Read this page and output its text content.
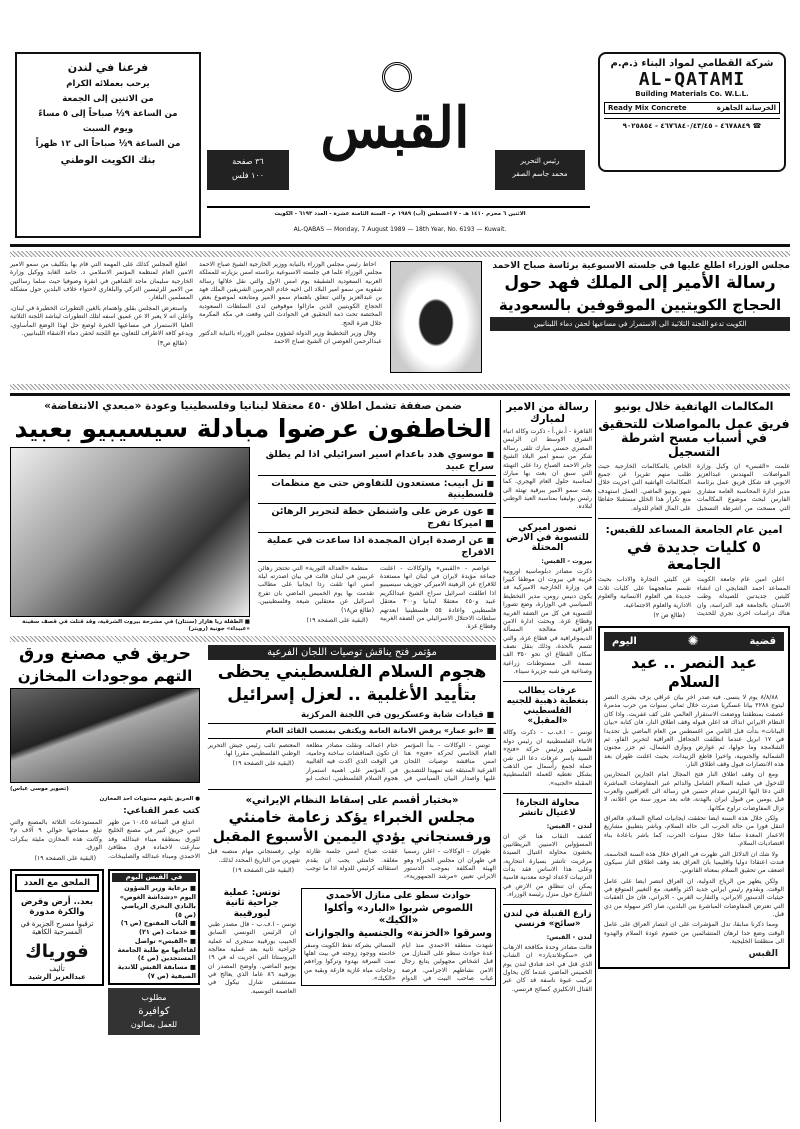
شركة القطامي لمواد البناء ذ.م.م
AL-QATAMI
Building Materials Co. W.L.L.
الخرسانة الجاهزة
Ready Mix Concrete
☎ ٤٦٧٨٨٤٩ - ٤٦٧٦٨٤٠/٤٣/٤٥ - ٩٠٢٥٨٥٤
القبس	رئيس التحرير
محمد جاسم الصقر
٣٦ صفحة
١٠٠ فلس
الاثنين ٦ محرم ١٤١٠ هـ - ٧ اغسطس (آب) ١٩٨٩ م - السنة الثامنة عشرة - العدد ٦١٩٣ - الكويت
AL-QABAS — Monday, 7 August 1989 — 18th Year, No. 6193 — Kuwait.
فرعنا في لندن
يرحب بعملائه الكرام
من الاثنين إلى الجمعة
من الساعة ٩½ صباحاً إلى ٥ مساءً
ويوم السبت
من الساعة ٩½ صباحاً الى ١٢ ظهراً
بنك الكويت الوطني
مجلس الوزراء اطلع عليها في جلسته الاسبوعية برئاسة صباح الاحمد
رسالة الأمير إلى الملك فهد حول
الحجاج الكويتيين الموقوفين بالسعودية
الكويت تدعو اللجنة الثلاثية الى الاستمرار في مساعيها لحقن دماء اللبنانيين

احاط رئيس مجلس الوزراء بالنيابة ووزير الخارجية الشيخ صباح الاحمد مجلس الوزراء علما في جلسته الاسبوعية برئاسته امس بزيارته للمملكة العربية السعودية الشقيقة يوم امس الاول والتي نقل خلالها رسالة شفوية من سمو امير البلاد الى اخيه خادم الحرمين الشريفين الملك فهد بن عبدالعزيز والتي تتعلق باهتمام سمو الامير ومتابعته لموضوع بعض الحجاج الكويتيين الذين مازالوا موقوفين لدى السلطات السعودية المختصة تحت ذمة التحقيق في الحوادث التي وقعت في مكة المكرمة خلال فترة الحج.

وقال وزير التخطيط وزير الدولة لشؤون مجلس الوزراء بالنيابة الدكتور عبدالرحمن العوضي ان الشيخ صباح الاحمد

اطلع المجلس كذلك على المهمة التي قام بها بتكليف من سمو الامير الامين العام لمنظمة المؤتمر الاسلامي د. حامد الغابد ووكيل وزارة الخارجية سليمان ماجد الشاهين في انقرة وصوفيا حيث سلما رسالتين من الامير للرئيسين التركي والبلغاري لاحتواء خلاف البلدين حول مشكلة المسلمين البلغار.

واستعرض المجلس بقلق واهتمام بالغين التطورات الخطيرة في لبنان، واعلن انه لا يعبر الا عن عميق اسفه لتلك التطورات ليناشد اللجنة الثلاثية العليا الاستمرار في مساعيها الخيرة لوضع حل لهذا الوضع المأساوي، ويدعو كافة الاطراف للتعاون مع اللجنة لحقن دماء الاشقاء اللبنانيين.

(طالع ص٣)

المكالمات الهاتفية خلال يونيو
فريق عمل بالمواصلات للتحقيق في أسباب مسح اشرطة التسجيل
علمت «القبس» ان وكيل وزارة المواصلات المهندس عبدالعزيز الايوبي قد شكل فريق عمل برئاسة مدير ادارة المحاسبة العامة مشاري الفارس لبحث موضوع المكالمات التي مسحت من اشرطة التسجيل الخاص بالمكالمات الخارجية حيث طلب منهم تقريرا عن جميع المكالمات الهاتفية التي اجريت خلال شهر يونيو الماضي. العمل استهدف منع تكرار هذا الخلل مستقبلا حفاظا على المال العام للدولة.
امين عام الجامعة المساعد للقبس:
٥ كليات جديدة في الجامعة

اعلن امين عام جامعة الكويت المساعد احمد الشايجي ان انشاء كليتين جديدتين للصيدلة وطب الاسنان بالجامعة قيد الدراسة، وان هناك دراسات اخرى تجري للحديث عن كليتي التجارة والاداب بحيث تقسم مناهجهما على كليات ثلاث جديدة هي العلوم الانسانية والعلوم الادارية والعلوم الاجتماعية.

(طالع ص ٢)

قضية
✺
اليوم
عيد النصر .. عيد السلام

٨/٨/٨٨ يوم لا ينسى. فيه صدر اخر بيان عراقي يزف بشرى النصر ليتوج ٢٢٨٨ بيانا عسكريا صدرت خلال ثماني سنوات من حرب مدمرة عصفت بمنطقتنا ووضعت الاستقرار العالمي على كف عفريت. واذا كان النظام الايراني انذاك قد اعلن قبوله وقف اطلاق النار، فان كتابة «بيان البيانات» بدأت قبل الثامن من اغسطس من العام الماضي بل تحديدا في ١٧ ابريل عندما انطلقت الجحافل العراقية لتحرير الفاو، ثم الشلامجة وما حولها، ثم عوارض وبوارق الشمال، ثم جزر مجنون الشمالية والجنوبية، واخيرا قاطع الزبيدات، بحيث اعلنت طهران بعد هذه الانتصارات قبول وقف اطلاق النار.

ومع ان وقف اطلاق النار فتح المجال امام الجارين المتحاربين للدخول في عملية السلام الشامل والدائم عبر المفاوضات المباشرة التي دعا اليها الرئيس صدام حسين في رسالة الى العراقيين والعرب قبل يومين من قبول ايران بالهدنة، فانه بعد مرور سنة من اعلانه، لا تزال المفاوضات تراوح مكانها.

ولكن خلال هذه السنة ايضا تحققت ايجابيات لصالح السلام، فالعراق انتقل فورا من حالة الحرب الى حالة السلام، وباشر بتطبيق مشاريع الاعمار المعدة سلفا خلال سنوات الحرب، كما باشر باعادة بناء اقتصاديات السلام.

ولا شك ان الدلائل التي ظهرت في العراق خلال هذه السنة الحاسمة، فندت اعتقادا دوليا واقليميا بان العراق بعد وقف اطلاق النار سيكون اضعف من تحقيق السلام بمعناه القانوني.

ولكن يظهر من الرياح الدولية، ان العراق انتصر ايضا على عامل الوقت. وبقدوم رئيس ايراني جديد اكثر واقعية، مع التغيير المتوقع في حيثيات الدستور الايراني، والتقارب الغربي - الايراني، فان حل العقبات التي تعترض المفاوضات المباشرة بين البلدين، صار اكثر سهولة من ذي قبل.

ومما ذكرنا سابقا، تدل المؤشرات على ان انتصار العراق على عامل الوقت وضع حدا لرهان المتشائمين من خصوم عودة السلام والهدوء الى منطقتنا الخليجية.

القبس

رسالة من الامير لمبارك
القاهرة - أ.ش.أ - ذكرت وكالة انباء الشرق الاوسط ان الرئيس المصري حسني مبارك تلقى رسالة شكر من سمو امير البلاد الشيخ جابر الاحمد الصباح ردا على التهنئة التي سبق ان بعث بها مبارك لمناسبة حلول العام الهجري. كما بعث سمو الامير ببرقية تهنئة الى رئيس بوليفيا بمناسبة العيد الوطني لبلاده.
تصور اميركي للتسوية في الارض المحتلة
بيروت - القبس:
ذكرت مصادر دبلوماسية اوروبية غربية في بيروت ان موظفا كبيرا في وزارة الخارجية الاميركية قد يكون دنيس روس، مدير التخطيط السياسي في الوزارة، وضع تصورا للتسوية في كل من الضفة الغربية وقطاع غزة. وبحثت ادارة الامن العراقية معالجة المسألة الديموغرافية في قطاع غزة، والتي تتسم بالحدة، وذلك بنقل نصف سكان القطاع اي نحو ٣٥٠ الف نسمة الى مستوطنات زراعية وصناعية في شبه جزيرة سيناء.
عرفات يطالب بتغطية ذهبية للجنيه الفلسطيني «المقبل»
تونس - ا.ف.ب - ذكرت وكالة الانباء الفلسطينية ان رئيس دولة فلسطين ورئيس حركة «فتح» السيد ياسر عرفات دعا الى شن حملة لجمع رأسمال من الذهب بشكل تغطية للعملة الفلسطينية المقبلة «الجنيه».
محاولة التجارة! لاغتيال تاتشر
لندن - القبس:
كشف النقاب هنا عن ان المسؤولين الامنيين البريطانيين يخشون محاولة اغتيال السيدة مرغريت تاتشر بسيارة انتحارية، وعلى هذا الاساس فقد بدأت الترتيبات لاعداد لوحة معدنية قاسية يمكن ان تنطلق من الارض في الشارع حول منزل رئيسة الوزراء.
زارع القنبلة في لندن «سائح» فرنسي
لندن - القبس:
قالت مصادر وحدة مكافحة الارهاب في «سكوتلانديارد» ان الشاب الذي قتل في احد فنادق لندن يوم الخميس الماضي عندما كان يحاول تركيب عبوة ناسفة قد كان عبر القنال الانكليزي كسائح فرنسي.
ضمن صفقة تشمل اطلاق ٤٥٠ معتقلا لبنانيا وفلسطينيا وعودة «مبعدي الانتفاضة»
الخاطفون عرضوا مبادلة سيسيبيو بعبيد
■ موسوي هدد باعدام اسير اسرائيلي اذا لم يطلق سراح عبيد
■ تل ابيب: مستعدون للتفاوض حتى مع منظمات فلسطينية
■ عون عرض على واشنطن خطة لتحرير الرهائن ■ اميركا تفرج
■ عن ارصدة ايران المجمدة اذا ساعدت في عملية الافراج

عواصم - «القبس» والوكالات - اعلنت جماعة مؤيدة لايران في لبنان انها مستعدة للافراج عن الرهينة الاميركي جوزيف سيسيبيو اذا اطلقت اسرائيل سراح الشيخ عبدالكريم عبيد و٤٥٠ معتقلا لبنانيا و٣٠٠ معتقل فلسطيني واعادة ٥٥ فلسطينيا ابعدتهم سلطات الاحتلال الاسرائيلي من الضفة الغربية وقطاع غزة.

منظمة «العدالة الثورية» التي تحتجز رهائن غربيين في لبنان قالت في بيان اصدرته ليلة امس انها تلقت ردا ايجابيا على مطالب تقدمت بها يوم الخميس الماضي بان تفرج اسرائيل عن معتقلين شيعة وفلسطينيين. (طالع ص١٨)

(البقية على الصفحة ١٩)

■ الطفلة ريا هازار (سنتان) في مشرحة بيروت الشرقية، وقد قتلت في قصف سفينة «عبيداء» جونية (رويتر)
مؤتمر فتح يناقش توصيات اللجان الفرعية
هجوم السلام الفلسطيني يحظى
بتأييد الأغلبية .. لعزل إسرائيل
■ قيادات شابة وعسكريون في اللجنة المركزية
■ «ابو عمار» يرفض الامانة العامة ويكتفي بمنصب القائد العام

تونس - الوكالات - بدأ المؤتمر العام الخامس لحركة «فتح» هنا امس مناقشة توصيات اللجان الفرعية المنبثقة عنه تمهيدا للتصديق عليها واصدار البيان السياسي في ختام اعماله. ونقلت مصادر مطلعة ان تكون المناقشات ساخنة وحامية، في الوقت الذي اكدت فيه الغالبية في المؤتمر على اهمية استمرار هجوم السلام الفلسطيني. انتخب ابو المعتصم نائب رئيس جيش التحرير الوطني الفلسطيني مقررا لها.

(البقية على الصفحة ١٩)

«بختيار أقسم على إسقاط النظام الإيراني»
مجلس الخبراء يؤكد زعامة خامنئي
ورفسنجاني يؤدي اليمين الأسبوع المقبل

طهران - الوكالات - اعلن رسميا في طهران ان مجلس الخبراء وهو الهيئة المكلفة بموجب الدستور الايراني تعيين «مرشد الجمهورية»، عقدت صباح امس جلسة طارئة مغلقة. خامنئي يجب ان يقدم استقالته كرئيس للدولة اذا ما توجب تولي رفسنجاني مهام منصبه قبل شهرين من التاريخ المحدد لذلك.

(البقية على الصفحة ١٩)

حوادث سطو على منازل الأحمدي
اللصوص شربوا «البارد» وأكلوا «الكيك»
وسرقوا «الخزنة» والجنسية والجوازات
شهدت منطقة الاحمدي منذ ايام عدة حوادث سطو على المنازل من قبل اشخاص مجهولين يتابع رجال الامن نشاطهم الاجرامي. فرصة غياب صاحب البيت في الدوام المسائي بشركة نفط الكويت وسفر خادمته ووجود زوجته في بيت اهلها تمت السرقة بهدوء وتركوا وراءهم زجاجات مياه غازية فارغة وبقية من «الكيك».
تونس: عملية جراحية ثانية لبورقيبة
تونس - ا.ف.ب - قال مصدر طبي ان الرئيس التونسي السابق الحبيب بورقيبة ستجرى له عملية جراحية ثانية بعد عملية معالجة البروستاتا التي اجريت له في ١٩ يونيو الماضي. واوضح المصدر ان بورقيبة ٨٦ عاما الذي يعالج في مستشفى شارل نيكول في العاصمة التونسية.
حريق في مصنع ورق
التهم موجودات المخازن
(تصوير موسى عباس)
● الحريق يلتهم محتويات احد المخازن
كتب عمر القناعي:

اندلع في الساعة ١٠،٤٥ من ظهر امس حريق كبير في مصنع الخليج للورق بمنطقة ميناء عبدالله وقد سارعت لاخماده فرق مطافئ الاحمدي وميناء عبدالله والصليبخات. المستودعات الثلاثة بالمصنع والتي تبلغ مساحتها حوالي ٩ آلاف م٢ وكانت هذه المخازن مليئة ببكرات الورق.

(البقية على الصفحة ١٩)

في القبس اليوم
■ برعاية وزير الشؤون اليوم «دشداشة الغوص» بالنادي البحري الرياضي (ص ٥)
■ الباب المفتوح (ص ٦)
■ خدمات (ص ٢١)
■ «القبس» تواصل لقاءاتها مع طلبة الجامعة المستجدين (ص ٤)
■ مسابقة القبس للاندية الصيفية (ص ٧)
مطلوب
كوافيرة
للعمل بصالون
الملحق مع العدد
بعد.. أرض وقرض والكرة مدورة
ترقبوا مسرح الجزيرة في المسرحية الكاهية
فورياك
تأليف
عبدالعزيز الرشيد
